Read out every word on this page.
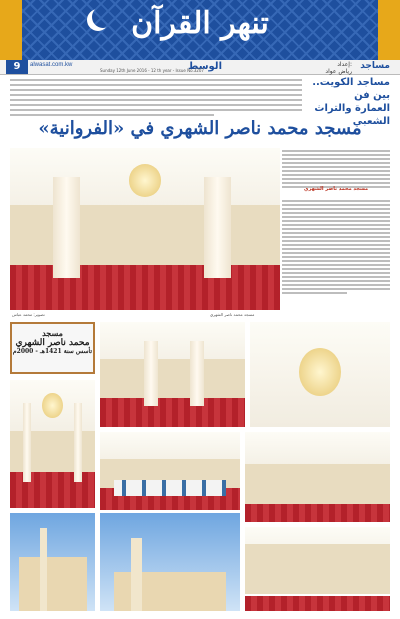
تنهر القرآن
9	alwasat.com.kw	الوسط
Sunday 12th June 2016 - 12 th year - Issue No.3207	مساجد
إعداد:
رياض عواد
مساجد الكويت.. بين فن
العمارة والتراث الشعبي
مسجد محمد ناصر الشهري في «الفروانية»
تصوير: محمد عباس	مسجد محمد ناصر الشهري
مسجد محمد ناصر الشهري
مسجد
محمد ناصر الشهري
تأسس سنة 1421هـ - 2000م
